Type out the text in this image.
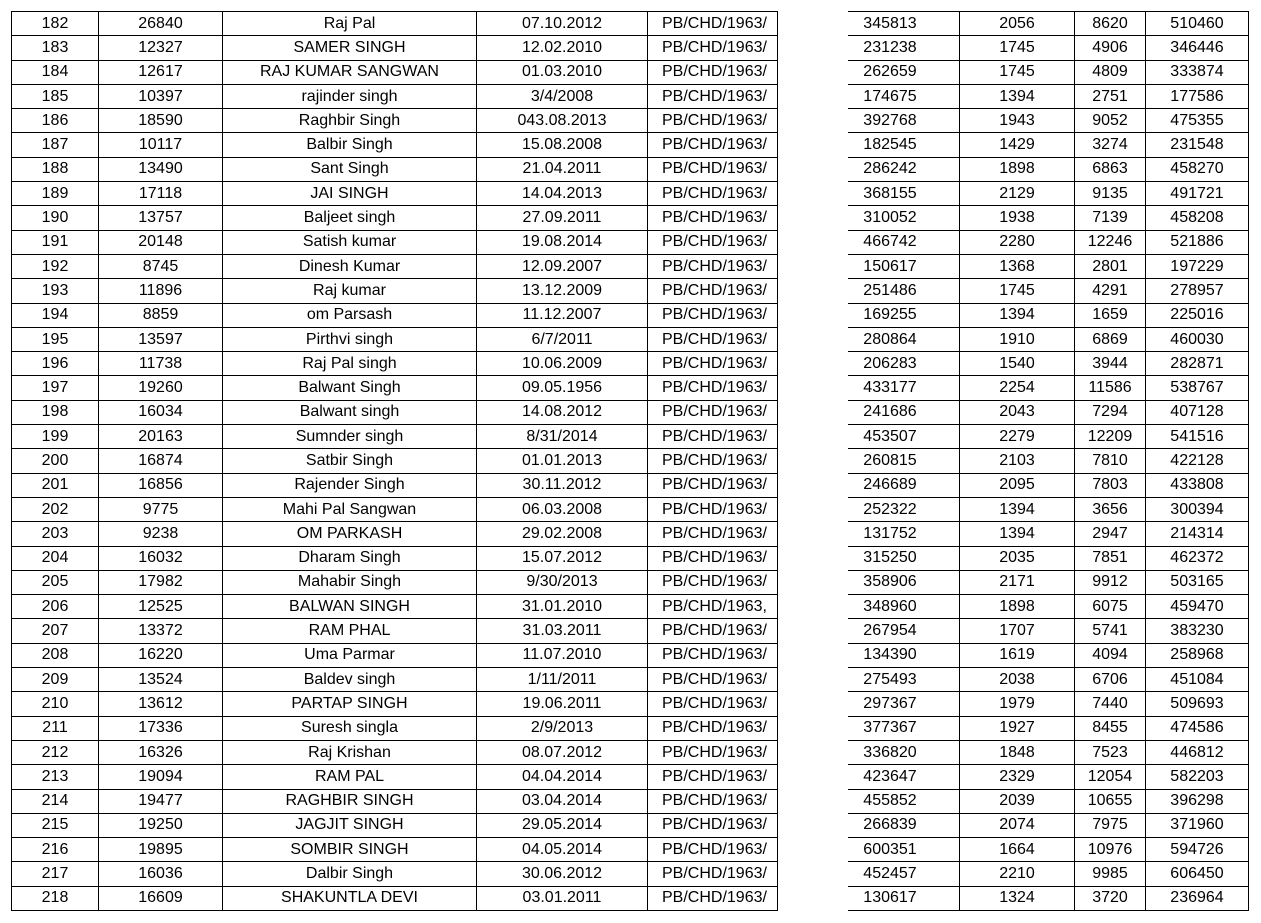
182	26840	Raj Pal	07.10.2012	PB/CHD/1963/		345813	2056	8620	510460
183	12327	SAMER SINGH	12.02.2010	PB/CHD/1963/		231238	1745	4906	346446
184	12617	RAJ KUMAR SANGWAN	01.03.2010	PB/CHD/1963/		262659	1745	4809	333874
185	10397	rajinder singh	3/4/2008	PB/CHD/1963/		174675	1394	2751	177586
186	18590	Raghbir Singh	043.08.2013	PB/CHD/1963/		392768	1943	9052	475355
187	10117	Balbir Singh	15.08.2008	PB/CHD/1963/		182545	1429	3274	231548
188	13490	Sant Singh	21.04.2011	PB/CHD/1963/		286242	1898	6863	458270
189	17118	JAI SINGH	14.04.2013	PB/CHD/1963/		368155	2129	9135	491721
190	13757	Baljeet singh	27.09.2011	PB/CHD/1963/		310052	1938	7139	458208
191	20148	Satish kumar	19.08.2014	PB/CHD/1963/		466742	2280	12246	521886
192	8745	Dinesh Kumar	12.09.2007	PB/CHD/1963/		150617	1368	2801	197229
193	11896	Raj kumar	13.12.2009	PB/CHD/1963/		251486	1745	4291	278957
194	8859	om Parsash	11.12.2007	PB/CHD/1963/		169255	1394	1659	225016
195	13597	Pirthvi singh	6/7/2011	PB/CHD/1963/		280864	1910	6869	460030
196	11738	Raj Pal singh	10.06.2009	PB/CHD/1963/		206283	1540	3944	282871
197	19260	Balwant Singh	09.05.1956	PB/CHD/1963/		433177	2254	11586	538767
198	16034	Balwant singh	14.08.2012	PB/CHD/1963/		241686	2043	7294	407128
199	20163	Sumnder singh	8/31/2014	PB/CHD/1963/		453507	2279	12209	541516
200	16874	Satbir Singh	01.01.2013	PB/CHD/1963/		260815	2103	7810	422128
201	16856	Rajender Singh	30.11.2012	PB/CHD/1963/		246689	2095	7803	433808
202	9775	Mahi Pal Sangwan	06.03.2008	PB/CHD/1963/		252322	1394	3656	300394
203	9238	OM PARKASH	29.02.2008	PB/CHD/1963/		131752	1394	2947	214314
204	16032	Dharam Singh	15.07.2012	PB/CHD/1963/		315250	2035	7851	462372
205	17982	Mahabir Singh	9/30/2013	PB/CHD/1963/		358906	2171	9912	503165
206	12525	BALWAN SINGH	31.01.2010	PB/CHD/1963,		348960	1898	6075	459470
207	13372	RAM PHAL	31.03.2011	PB/CHD/1963/		267954	1707	5741	383230
208	16220	Uma Parmar	11.07.2010	PB/CHD/1963/		134390	1619	4094	258968
209	13524	Baldev singh	1/11/2011	PB/CHD/1963/		275493	2038	6706	451084
210	13612	PARTAP SINGH	19.06.2011	PB/CHD/1963/		297367	1979	7440	509693
211	17336	Suresh singla	2/9/2013	PB/CHD/1963/		377367	1927	8455	474586
212	16326	Raj Krishan	08.07.2012	PB/CHD/1963/		336820	1848	7523	446812
213	19094	RAM PAL	04.04.2014	PB/CHD/1963/		423647	2329	12054	582203
214	19477	RAGHBIR SINGH	03.04.2014	PB/CHD/1963/		455852	2039	10655	396298
215	19250	JAGJIT SINGH	29.05.2014	PB/CHD/1963/		266839	2074	7975	371960
216	19895	SOMBIR SINGH	04.05.2014	PB/CHD/1963/		600351	1664	10976	594726
217	16036	Dalbir Singh	30.06.2012	PB/CHD/1963/		452457	2210	9985	606450
218	16609	SHAKUNTLA DEVI	03.01.2011	PB/CHD/1963/		130617	1324	3720	236964
